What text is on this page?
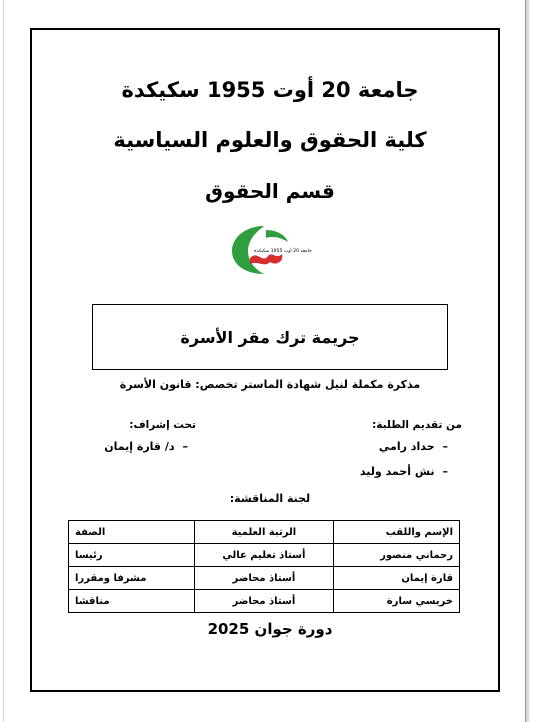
جامعة 20 أوت 1955 سكيكدة
كلية الحقوق والعلوم السياسية
قسم الحقوق
جامعة 20 أوت 1955 سكيكدة
جريمة ترك مقر الأسرة
مذكرة مكملة لنيل شهادة الماستر تخصص: قانون الأسرة
من تقديم الطلبة:
–حداد رامي
–نش أحمد وليد
تحت إشراف:
–د/ قارة إيمان
لجنة المناقشة:
الإسم واللقب	الرتبة العلمية	الصفة
رحماني منصور	أستاذ تعليم عالي	رئيسا
قارة إيمان	أستاذ محاضر	مشرفا ومقررا
خريسي سارة	أستاذ محاضر	مناقشا
دورة جوان 2025
